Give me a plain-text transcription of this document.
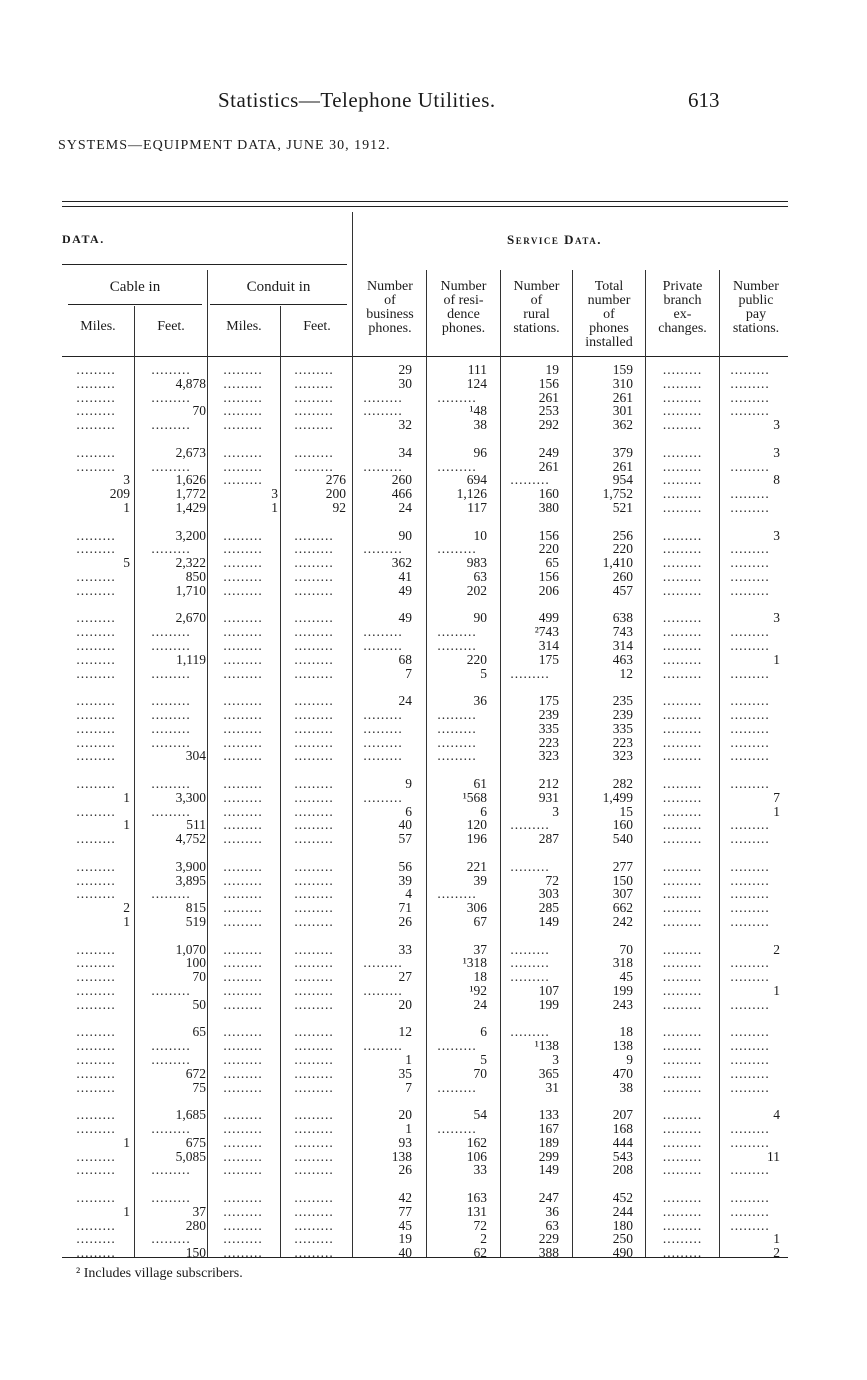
Statistics—Telephone Utilities.	613
SYSTEMS—EQUIPMENT DATA, JUNE 30, 1912.
DATA.	Service Data.
Cable in	Conduit in
Miles.	Feet.	Miles.	Feet.
Number
of
business
phones.
Number
of resi-
dence
phones.
Number
of
rural
stations.
Total
number
of
phones
installed
Private
branch
ex-
changes.
Number
public
pay
stations.
.........	.........	.........	.........	29	111	19	159	.........	.........
.........	4,878	.........	.........	30	124	156	310	.........	.........
.........	.........	.........	.........	.........	.........	261	261	.........	.........
.........	70	.........	.........	.........	¹48	253	301	.........	.........
.........	.........	.........	.........	32	38	292	362	.........	3
.........	2,673	.........	.........	34	96	249	379	.........	3
.........	.........	.........	.........	.........	.........	261	261	.........	.........
3	1,626	.........	276	260	694	.........	954	.........	8
209	1,772	3	200	466	1,126	160	1,752	.........	.........
1	1,429	1	92	24	117	380	521	.........	.........
.........	3,200	.........	.........	90	10	156	256	.........	3
.........	.........	.........	.........	.........	.........	220	220	.........	.........
5	2,322	.........	.........	362	983	65	1,410	.........	.........
.........	850	.........	.........	41	63	156	260	.........	.........
.........	1,710	.........	.........	49	202	206	457	.........	.........
.........	2,670	.........	.........	49	90	499	638	.........	3
.........	.........	.........	.........	.........	.........	²743	743	.........	.........
.........	.........	.........	.........	.........	.........	314	314	.........	.........
.........	1,119	.........	.........	68	220	175	463	.........	1
.........	.........	.........	.........	7	5	.........	12	.........	.........
.........	.........	.........	.........	24	36	175	235	.........	.........
.........	.........	.........	.........	.........	.........	239	239	.........	.........
.........	.........	.........	.........	.........	.........	335	335	.........	.........
.........	.........	.........	.........	.........	.........	223	223	.........	.........
.........	304	.........	.........	.........	.........	323	323	.........	.........
.........	.........	.........	.........	9	61	212	282	.........	.........
1	3,300	.........	.........	.........	¹568	931	1,499	.........	7
.........	.........	.........	.........	6	6	3	15	.........	1
1	511	.........	.........	40	120	.........	160	.........	.........
.........	4,752	.........	.........	57	196	287	540	.........	.........
.........	3,900	.........	.........	56	221	.........	277	.........	.........
.........	3,895	.........	.........	39	39	72	150	.........	.........
.........	.........	.........	.........	4	.........	303	307	.........	.........
2	815	.........	.........	71	306	285	662	.........	.........
1	519	.........	.........	26	67	149	242	.........	.........
.........	1,070	.........	.........	33	37	.........	70	.........	2
.........	100	.........	.........	.........	¹318	.........	318	.........	.........
.........	70	.........	.........	27	18	.........	45	.........	.........
.........	.........	.........	.........	.........	¹92	107	199	.........	1
.........	50	.........	.........	20	24	199	243	.........	.........
.........	65	.........	.........	12	6	.........	18	.........	.........
.........	.........	.........	.........	.........	.........	¹138	138	.........	.........
.........	.........	.........	.........	1	5	3	9	.........	.........
.........	672	.........	.........	35	70	365	470	.........	.........
.........	75	.........	.........	7	.........	31	38	.........	.........
.........	1,685	.........	.........	20	54	133	207	.........	4
.........	.........	.........	.........	1	.........	167	168	.........	.........
1	675	.........	.........	93	162	189	444	.........	.........
.........	5,085	.........	.........	138	106	299	543	.........	11
.........	.........	.........	.........	26	33	149	208	.........	.........
.........	.........	.........	.........	42	163	247	452	.........	.........
1	37	.........	.........	77	131	36	244	.........	.........
.........	280	.........	.........	45	72	63	180	.........	.........
.........	.........	.........	.........	19	2	229	250	.........	1
.........	150	.........	.........	40	62	388	490	.........	2
² Includes village subscribers.
